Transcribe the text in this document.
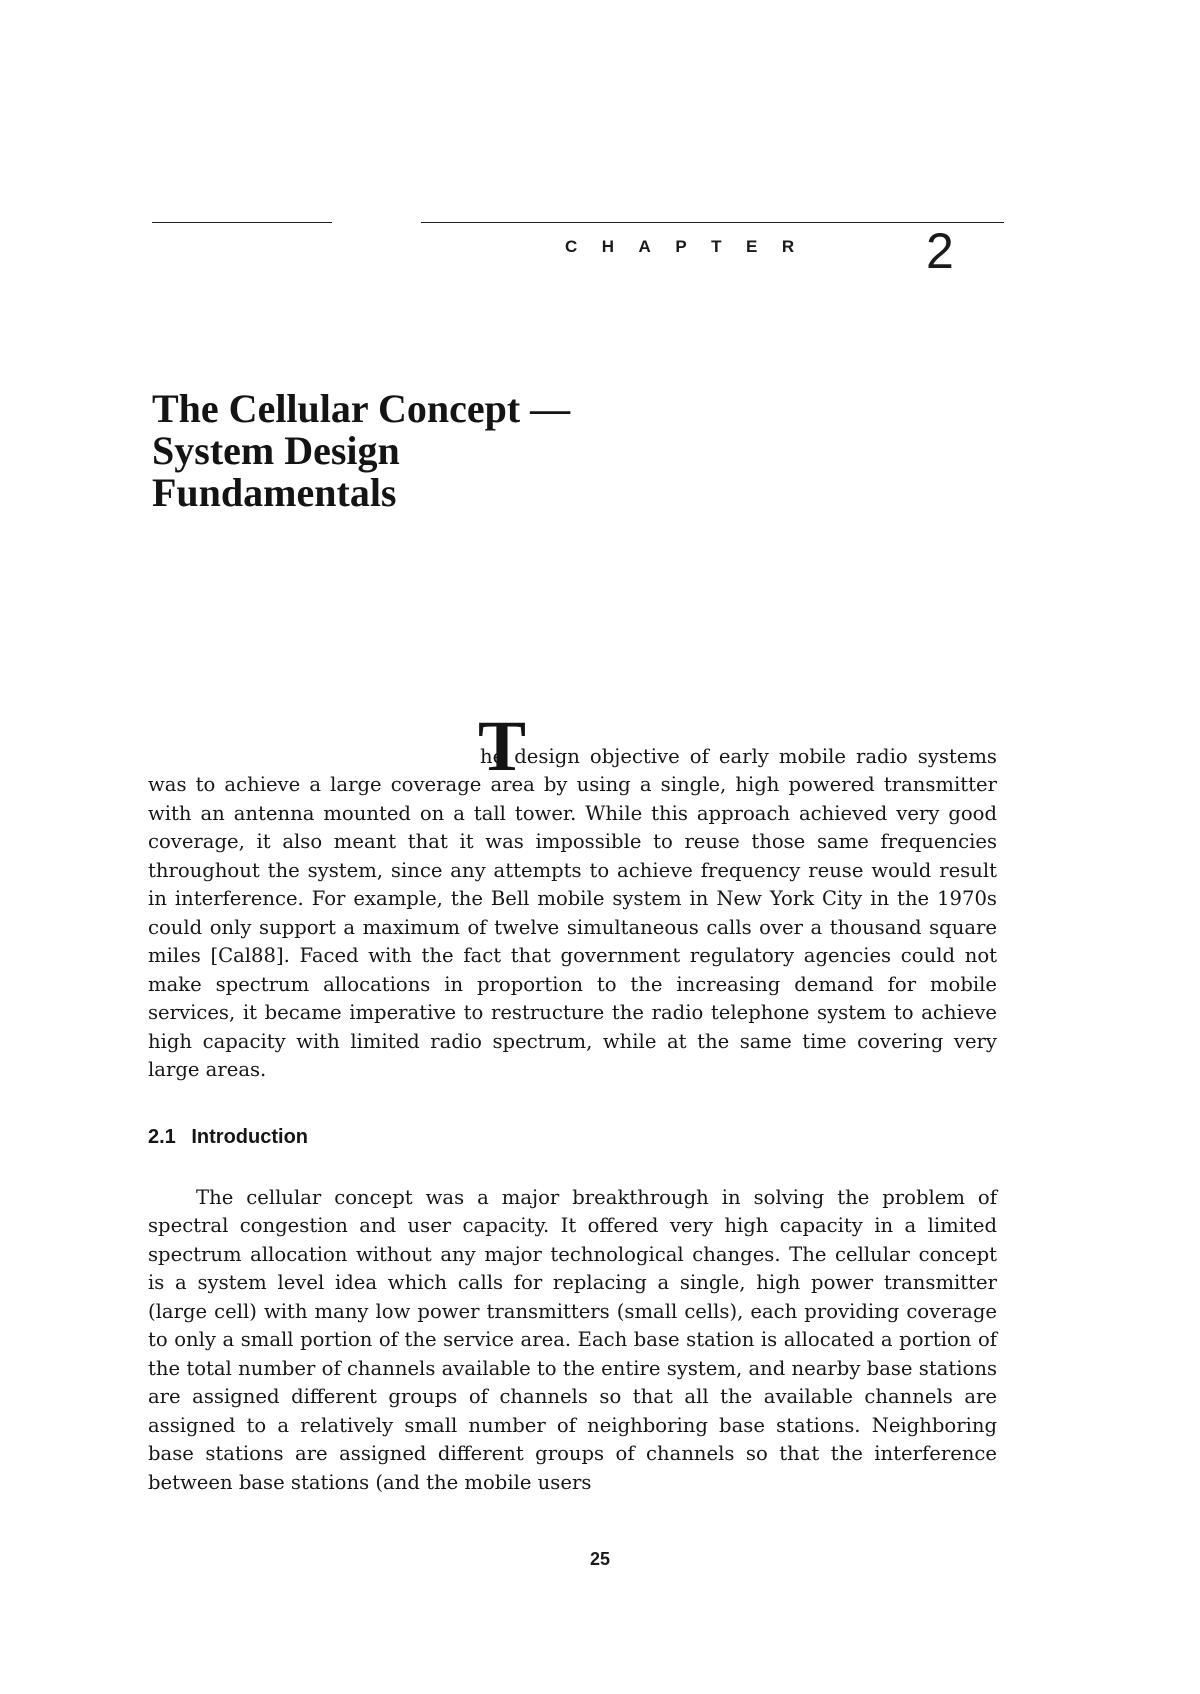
CHAPTER 2
The Cellular Concept —
System Design
Fundamentals
T

he design objective of early mobile radio systems was to achieve a large coverage area by using a single, high powered transmitter with an antenna mounted on a tall tower. While this approach achieved very good coverage, it also meant that it was impossible to reuse those same frequencies throughout the system, since any attempts to achieve frequency reuse would result in interference. For example, the Bell mobile system in New York City in the 1970s could only support a maximum of twelve simultaneous calls over a thousand square miles [Cal88]. Faced with the fact that government regulatory agencies could not make spectrum allocations in proportion to the increasing demand for mobile services, it became imperative to restructure the radio telephone system to achieve high capacity with limited radio spectrum, while at the same time covering very large areas.

2.1 Introduction

The cellular concept was a major breakthrough in solving the problem of spectral congestion and user capacity. It offered very high capacity in a limited spectrum allocation without any major technological changes. The cellular concept is a system level idea which calls for replacing a single, high power transmitter (large cell) with many low power transmitters (small cells), each providing coverage to only a small portion of the service area. Each base station is allocated a portion of the total number of channels available to the entire system, and nearby base stations are assigned different groups of channels so that all the available channels are assigned to a relatively small number of neighboring base stations. Neighboring base stations are assigned different groups of channels so that the interference between base stations (and the mobile users

25
